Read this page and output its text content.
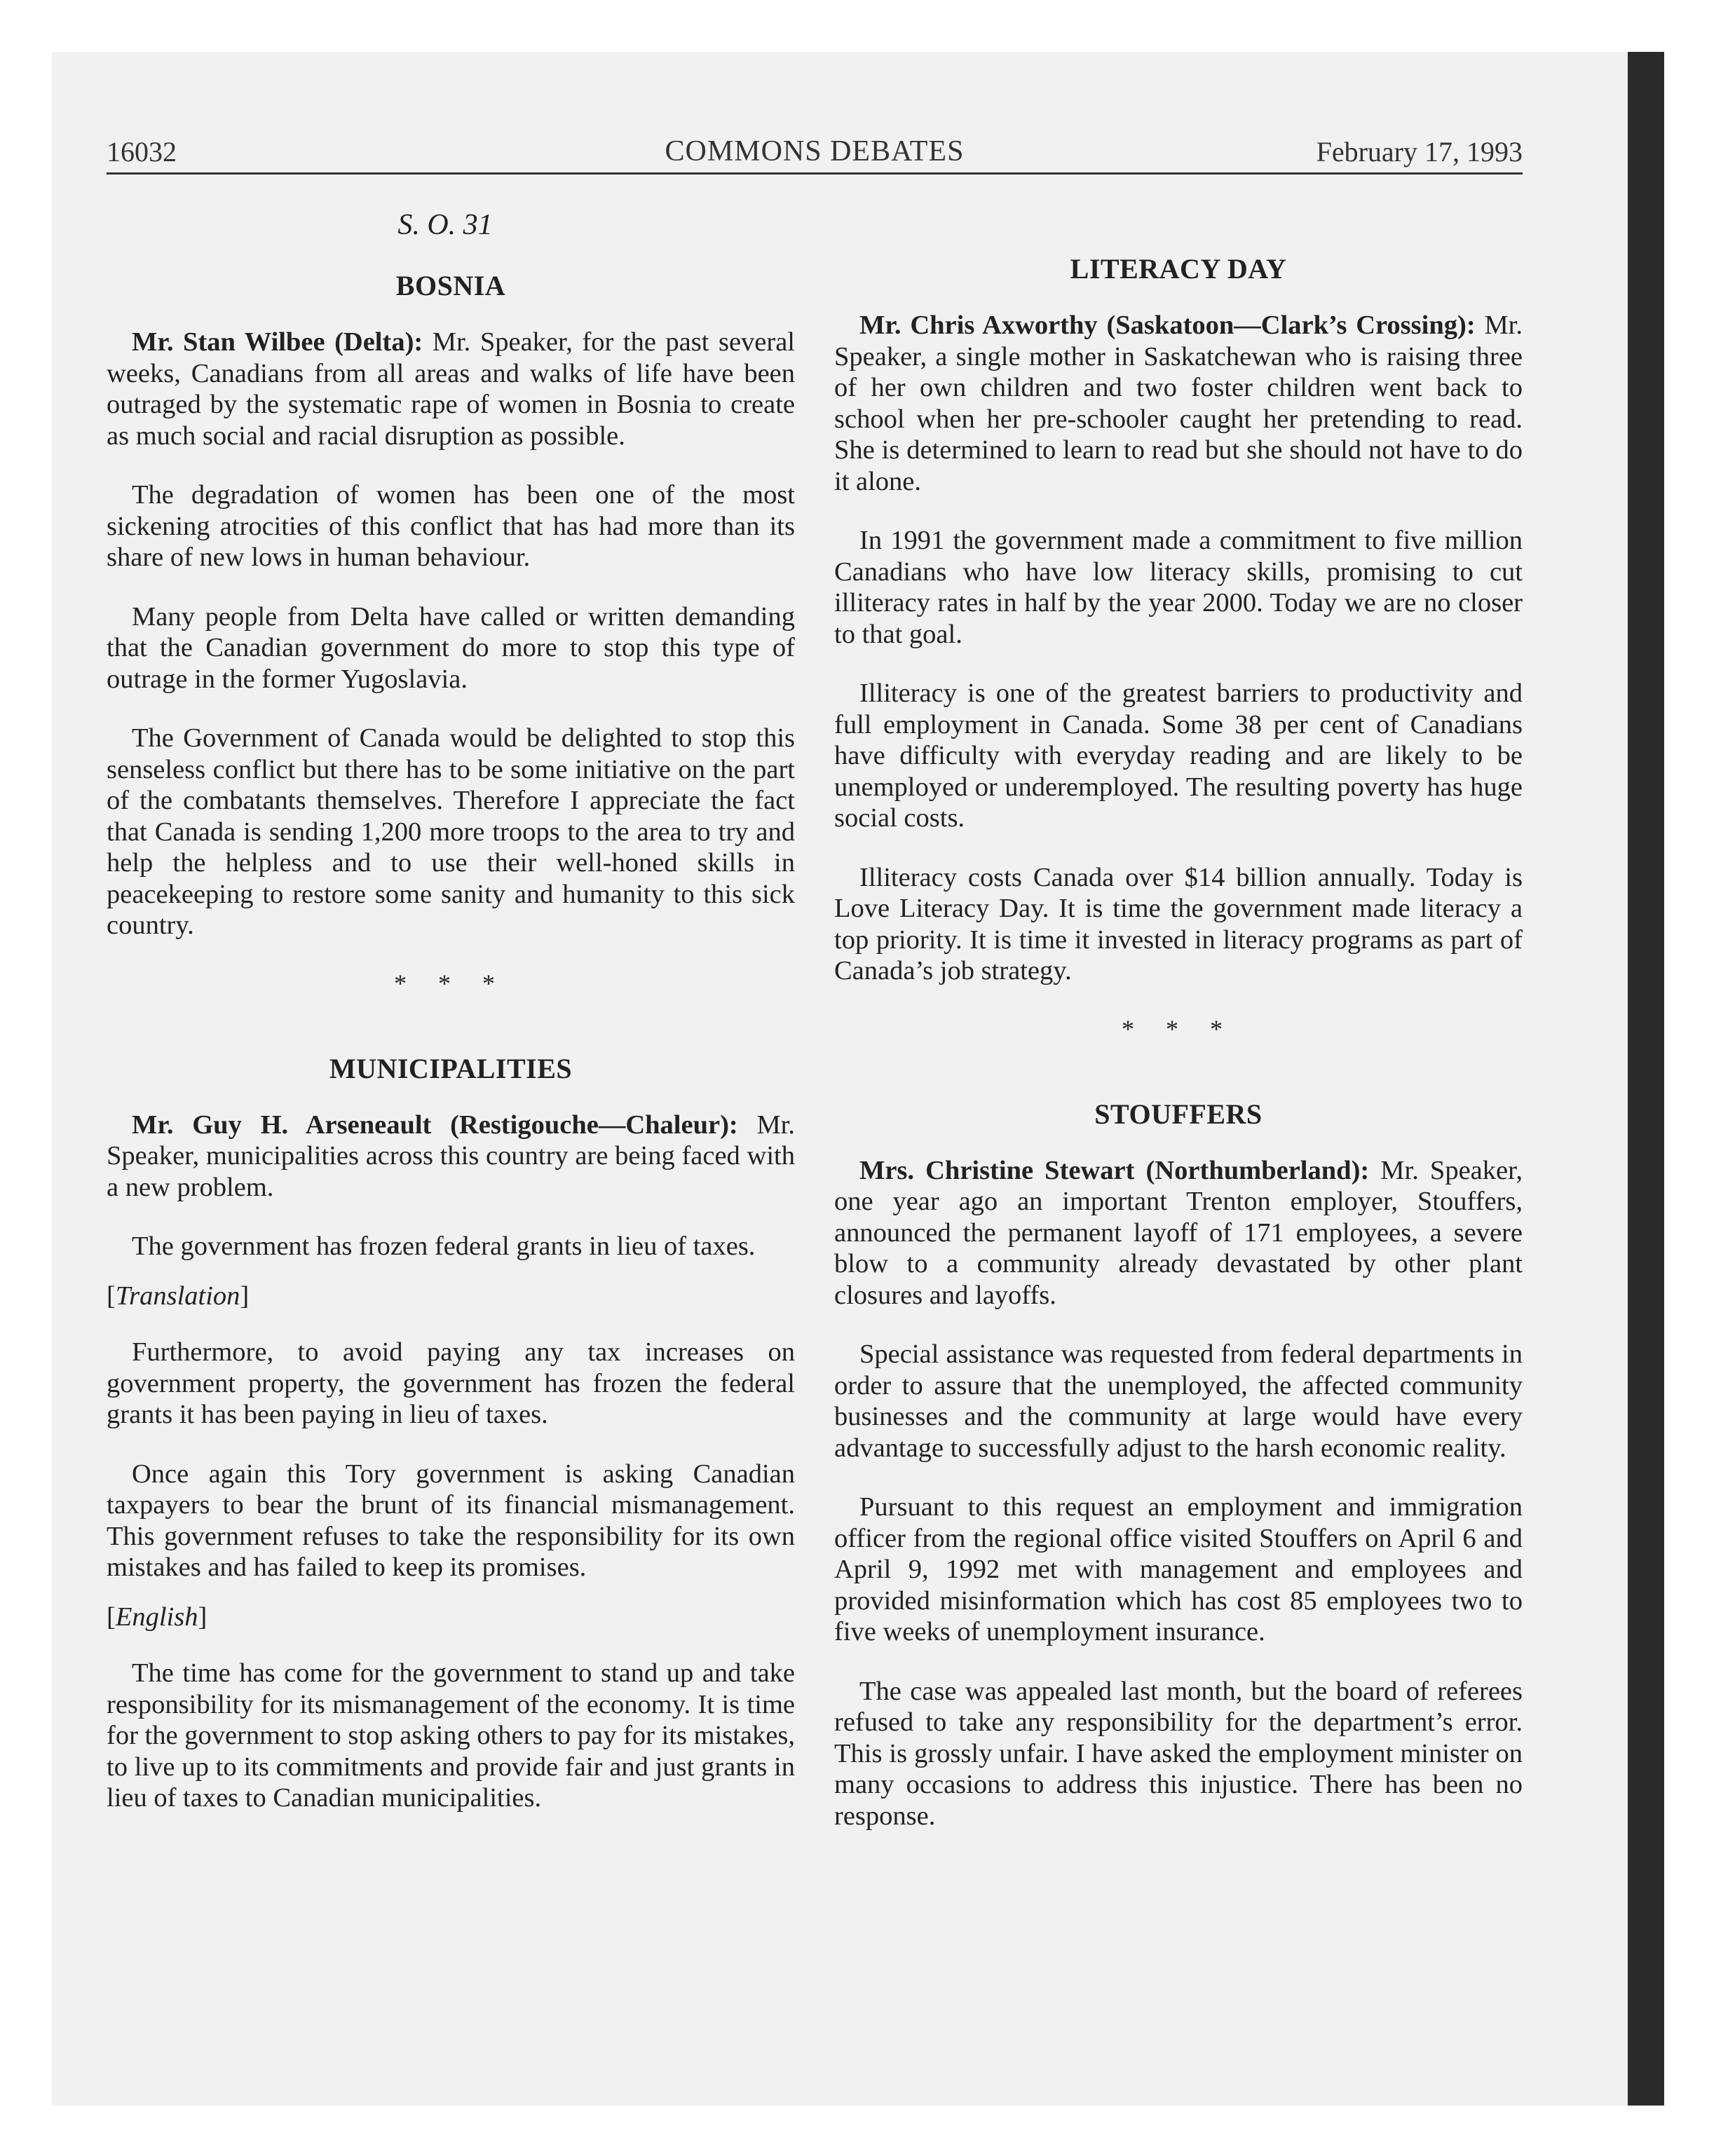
16032	COMMONS DEBATES	February 17, 1993
S. O. 31
BOSNIA

Mr. Stan Wilbee (Delta): Mr. Speaker, for the past several weeks, Canadians from all areas and walks of life have been outraged by the systematic rape of women in Bosnia to create as much social and racial disruption as possible.

The degradation of women has been one of the most sickening atrocities of this conflict that has had more than its share of new lows in human behaviour.

Many people from Delta have called or written demanding that the Canadian government do more to stop this type of outrage in the former Yugoslavia.

The Government of Canada would be delighted to stop this senseless conflict but there has to be some initiative on the part of the combatants themselves. Therefore I appreciate the fact that Canada is sending 1,200 more troops to the area to try and help the helpless and to use their well-honed skills in peacekeeping to restore some sanity and humanity to this sick country.

* * *
MUNICIPALITIES

Mr. Guy H. Arseneault (Restigouche—Chaleur): Mr. Speaker, municipalities across this country are being faced with a new problem.

The government has frozen federal grants in lieu of taxes.

[Translation]

Furthermore, to avoid paying any tax increases on government property, the government has frozen the federal grants it has been paying in lieu of taxes.

Once again this Tory government is asking Canadian taxpayers to bear the brunt of its financial mismanagement. This government refuses to take the responsibility for its own mistakes and has failed to keep its promises.

[English]

The time has come for the government to stand up and take responsibility for its mismanagement of the economy. It is time for the government to stop asking others to pay for its mistakes, to live up to its commitments and provide fair and just grants in lieu of taxes to Canadian municipalities.

LITERACY DAY

Mr. Chris Axworthy (Saskatoon—Clark’s Crossing): Mr. Speaker, a single mother in Saskatchewan who is raising three of her own children and two foster children went back to school when her pre-schooler caught her pretending to read. She is determined to learn to read but she should not have to do it alone.

In 1991 the government made a commitment to five million Canadians who have low literacy skills, promising to cut illiteracy rates in half by the year 2000. Today we are no closer to that goal.

Illiteracy is one of the greatest barriers to productivity and full employment in Canada. Some 38 per cent of Canadians have difficulty with everyday reading and are likely to be unemployed or underemployed. The resulting poverty has huge social costs.

Illiteracy costs Canada over $14 billion annually. Today is Love Literacy Day. It is time the government made literacy a top priority. It is time it invested in literacy programs as part of Canada’s job strategy.

* * *
STOUFFERS

Mrs. Christine Stewart (Northumberland): Mr. Speaker, one year ago an important Trenton employer, Stouffers, announced the permanent layoff of 171 employees, a severe blow to a community already devastated by other plant closures and layoffs.

Special assistance was requested from federal departments in order to assure that the unemployed, the affected community businesses and the community at large would have every advantage to successfully adjust to the harsh economic reality.

Pursuant to this request an employment and immigration officer from the regional office visited Stouffers on April 6 and April 9, 1992 met with management and employees and provided misinformation which has cost 85 employees two to five weeks of unemployment insurance.

The case was appealed last month, but the board of referees refused to take any responsibility for the department’s error. This is grossly unfair. I have asked the employment minister on many occasions to address this injustice. There has been no response.
